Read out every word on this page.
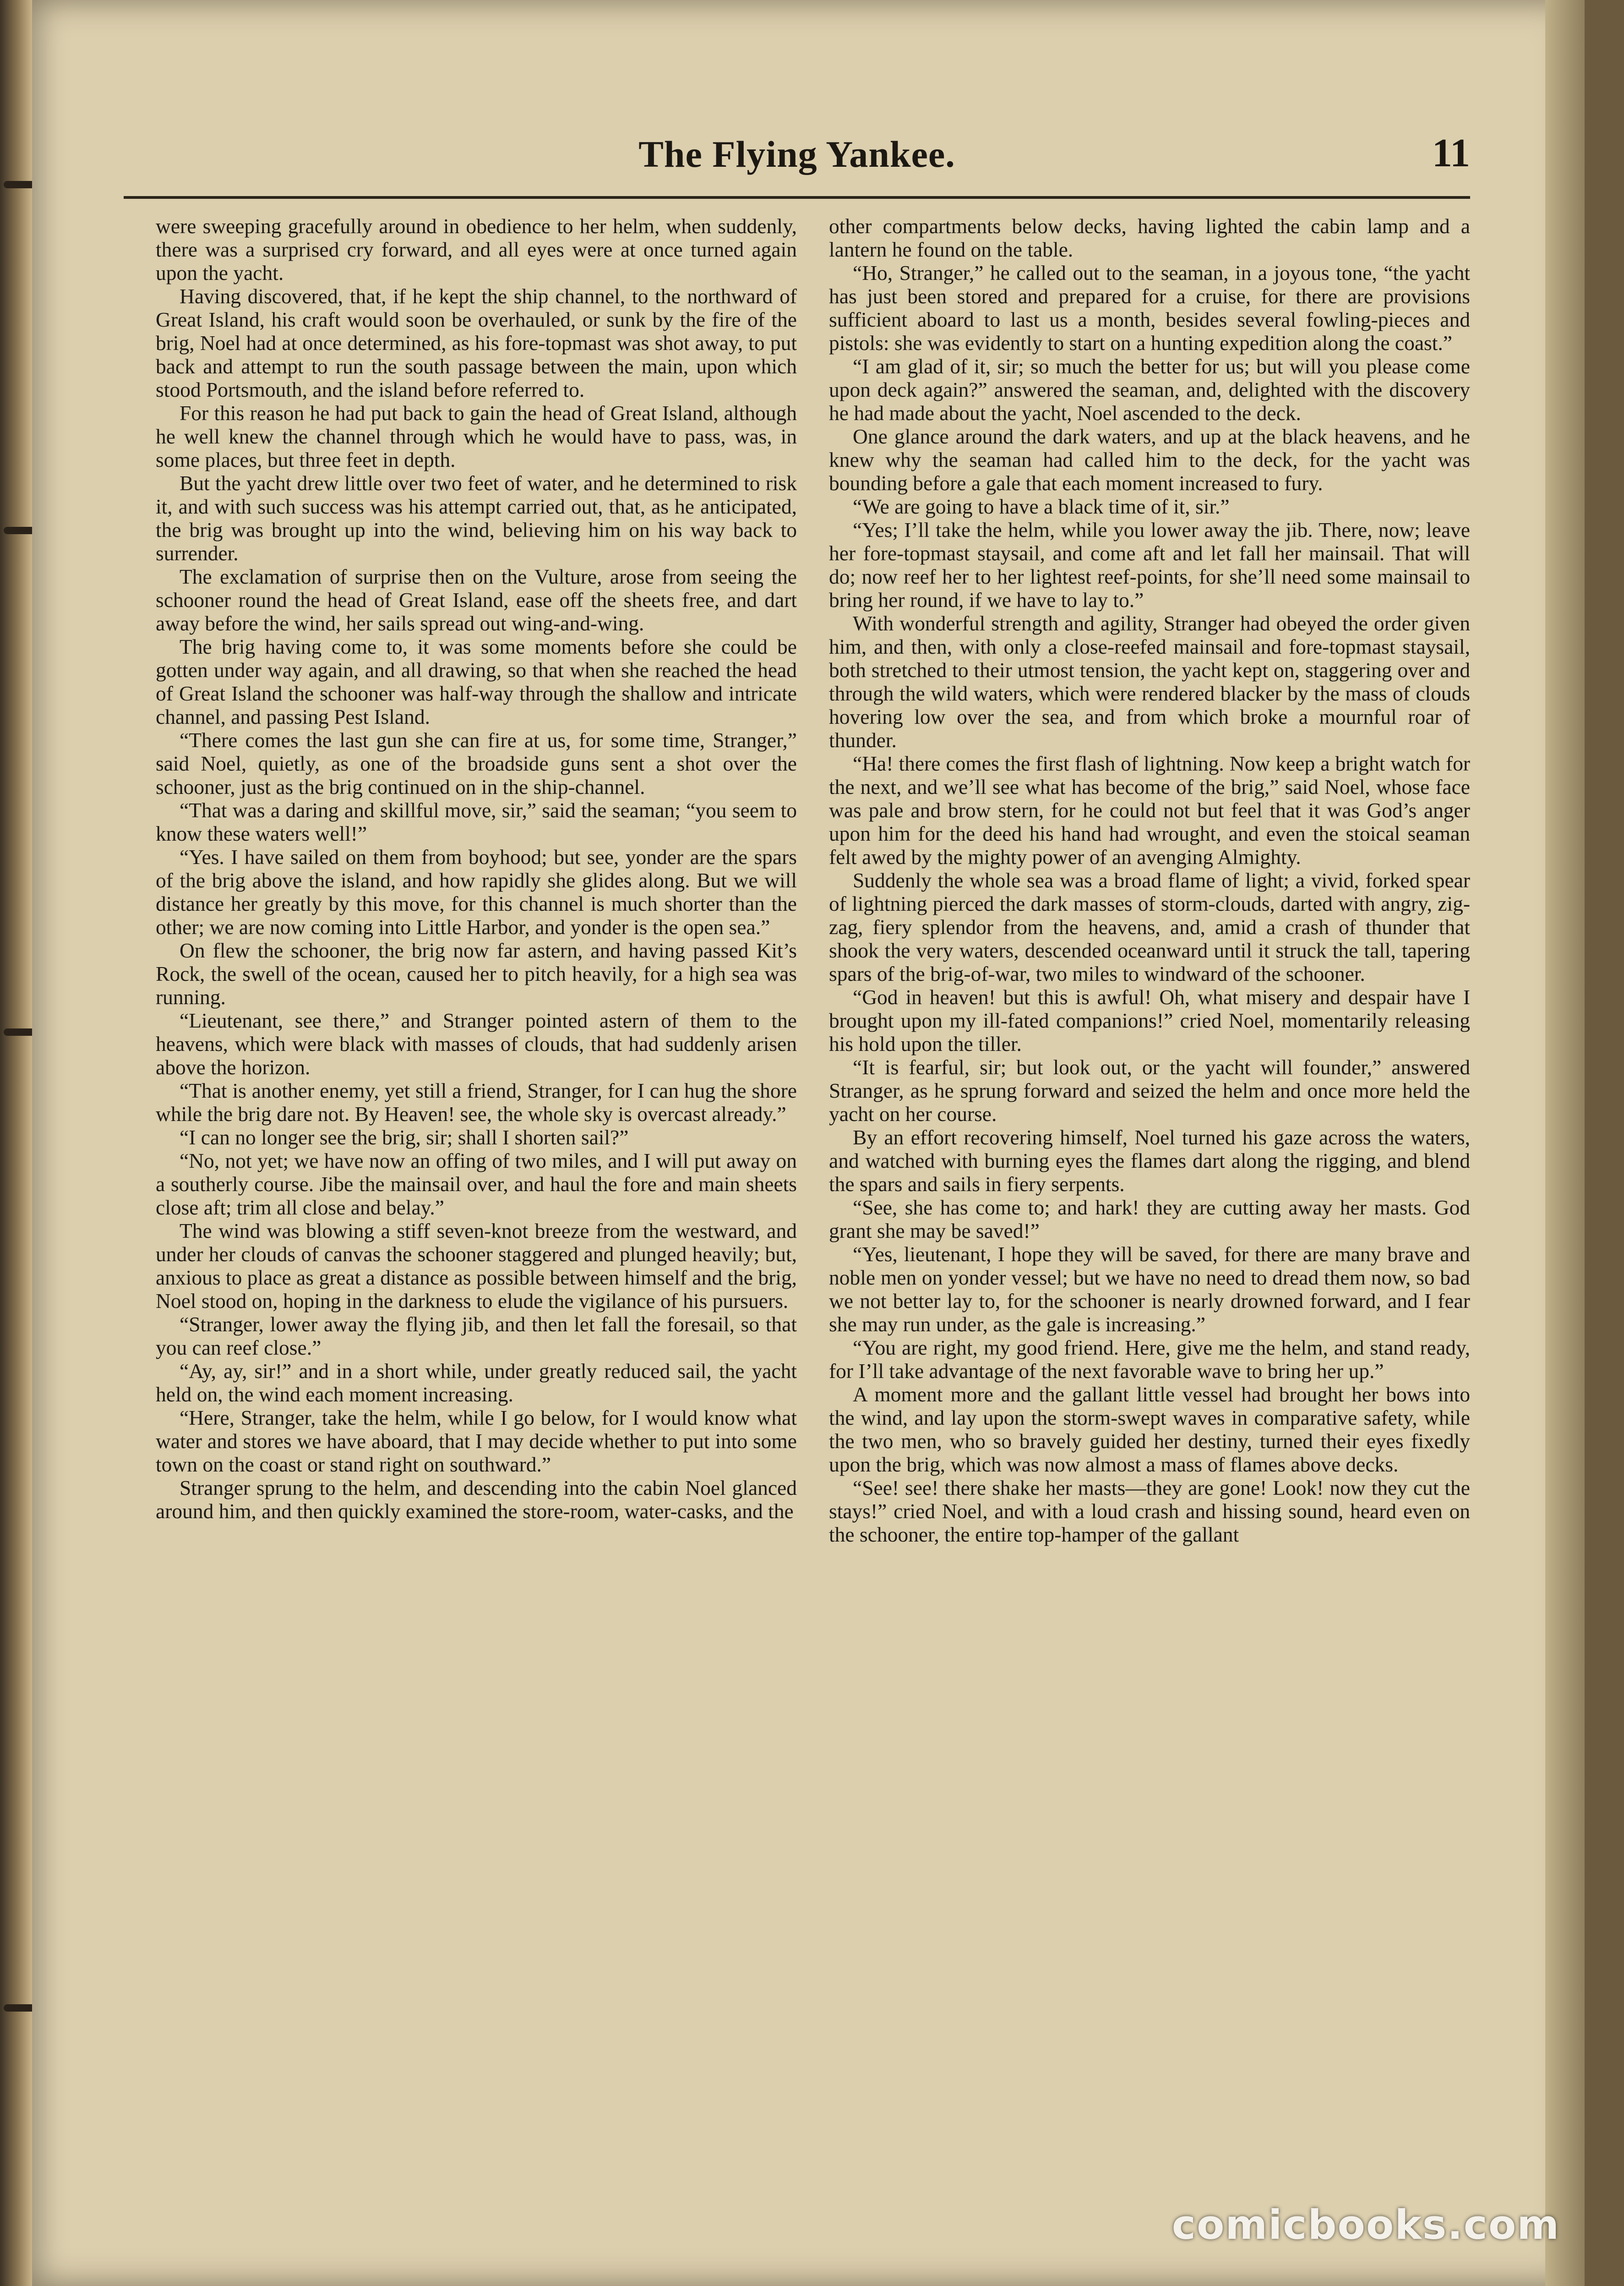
The Flying Yankee.	11

were sweeping gracefully around in obedience to her helm, when suddenly, there was a surprised cry forward, and all eyes were at once turned again upon the yacht.

Having discovered, that, if he kept the ship channel, to the northward of Great Island, his craft would soon be overhauled, or sunk by the fire of the brig, Noel had at once determined, as his fore-topmast was shot away, to put back and attempt to run the south passage between the main, upon which stood Portsmouth, and the island before referred to.

For this reason he had put back to gain the head of Great Island, although he well knew the channel through which he would have to pass, was, in some places, but three feet in depth.

But the yacht drew little over two feet of water, and he determined to risk it, and with such success was his attempt carried out, that, as he anticipated, the brig was brought up into the wind, believing him on his way back to surrender.

The exclamation of surprise then on the Vulture, arose from seeing the schooner round the head of Great Island, ease off the sheets free, and dart away before the wind, her sails spread out wing-and-wing.

The brig having come to, it was some moments before she could be gotten under way again, and all drawing, so that when she reached the head of Great Island the schooner was half-way through the shallow and intricate channel, and passing Pest Island.

“There comes the last gun she can fire at us, for some time, Stranger,” said Noel, quietly, as one of the broadside guns sent a shot over the schooner, just as the brig continued on in the ship-channel.

“That was a daring and skillful move, sir,” said the seaman; “you seem to know these waters well!”

“Yes. I have sailed on them from boyhood; but see, yonder are the spars of the brig above the island, and how rapidly she glides along. But we will distance her greatly by this move, for this channel is much shorter than the other; we are now coming into Little Harbor, and yonder is the open sea.”

On flew the schooner, the brig now far astern, and having passed Kit’s Rock, the swell of the ocean, caused her to pitch heavily, for a high sea was running.

“Lieutenant, see there,” and Stranger pointed astern of them to the heavens, which were black with masses of clouds, that had suddenly arisen above the horizon.

“That is another enemy, yet still a friend, Stranger, for I can hug the shore while the brig dare not. By Heaven! see, the whole sky is overcast already.”

“I can no longer see the brig, sir; shall I shorten sail?”

“No, not yet; we have now an offing of two miles, and I will put away on a southerly course. Jibe the mainsail over, and haul the fore and main sheets close aft; trim all close and belay.”

The wind was blowing a stiff seven-knot breeze from the westward, and under her clouds of canvas the schooner staggered and plunged heavily; but, anxious to place as great a distance as possible between himself and the brig, Noel stood on, hoping in the darkness to elude the vigilance of his pursuers.

“Stranger, lower away the flying jib, and then let fall the foresail, so that you can reef close.”

“Ay, ay, sir!” and in a short while, under greatly reduced sail, the yacht held on, the wind each moment increasing.

“Here, Stranger, take the helm, while I go below, for I would know what water and stores we have aboard, that I may decide whether to put into some town on the coast or stand right on southward.”

Stranger sprung to the helm, and descending into the cabin Noel glanced around him, and then quickly examined the store-room, water-casks, and the

other compartments below decks, having lighted the cabin lamp and a lantern he found on the table.

“Ho, Stranger,” he called out to the seaman, in a joyous tone, “the yacht has just been stored and prepared for a cruise, for there are provisions sufficient aboard to last us a month, besides several fowling-pieces and pistols: she was evidently to start on a hunting expedition along the coast.”

“I am glad of it, sir; so much the better for us; but will you please come upon deck again?” answered the seaman, and, delighted with the discovery he had made about the yacht, Noel ascended to the deck.

One glance around the dark waters, and up at the black heavens, and he knew why the seaman had called him to the deck, for the yacht was bounding before a gale that each moment increased to fury.

“We are going to have a black time of it, sir.”

“Yes; I’ll take the helm, while you lower away the jib. There, now; leave her fore-topmast staysail, and come aft and let fall her mainsail. That will do; now reef her to her lightest reef-points, for she’ll need some mainsail to bring her round, if we have to lay to.”

With wonderful strength and agility, Stranger had obeyed the order given him, and then, with only a close-reefed mainsail and fore-topmast staysail, both stretched to their utmost tension, the yacht kept on, staggering over and through the wild waters, which were rendered blacker by the mass of clouds hovering low over the sea, and from which broke a mournful roar of thunder.

“Ha! there comes the first flash of lightning. Now keep a bright watch for the next, and we’ll see what has become of the brig,” said Noel, whose face was pale and brow stern, for he could not but feel that it was God’s anger upon him for the deed his hand had wrought, and even the stoical seaman felt awed by the mighty power of an avenging Almighty.

Suddenly the whole sea was a broad flame of light; a vivid, forked spear of lightning pierced the dark masses of storm-clouds, darted with angry, zig-zag, fiery splendor from the heavens, and, amid a crash of thunder that shook the very waters, descended oceanward until it struck the tall, tapering spars of the brig-of-war, two miles to windward of the schooner.

“God in heaven! but this is awful! Oh, what misery and despair have I brought upon my ill-fated companions!” cried Noel, momentarily releasing his hold upon the tiller.

“It is fearful, sir; but look out, or the yacht will founder,” answered Stranger, as he sprung forward and seized the helm and once more held the yacht on her course.

By an effort recovering himself, Noel turned his gaze across the waters, and watched with burning eyes the flames dart along the rigging, and blend the spars and sails in fiery serpents.

“See, she has come to; and hark! they are cutting away her masts. God grant she may be saved!”

“Yes, lieutenant, I hope they will be saved, for there are many brave and noble men on yonder vessel; but we have no need to dread them now, so bad we not better lay to, for the schooner is nearly drowned forward, and I fear she may run under, as the gale is increasing.”

“You are right, my good friend. Here, give me the helm, and stand ready, for I’ll take advantage of the next favorable wave to bring her up.”

A moment more and the gallant little vessel had brought her bows into the wind, and lay upon the storm-swept waves in comparative safety, while the two men, who so bravely guided her destiny, turned their eyes fixedly upon the brig, which was now almost a mass of flames above decks.

“See! see! there shake her masts—they are gone! Look! now they cut the stays!” cried Noel, and with a loud crash and hissing sound, heard even on the schooner, the entire top-hamper of the gallant

comicbooks.com
